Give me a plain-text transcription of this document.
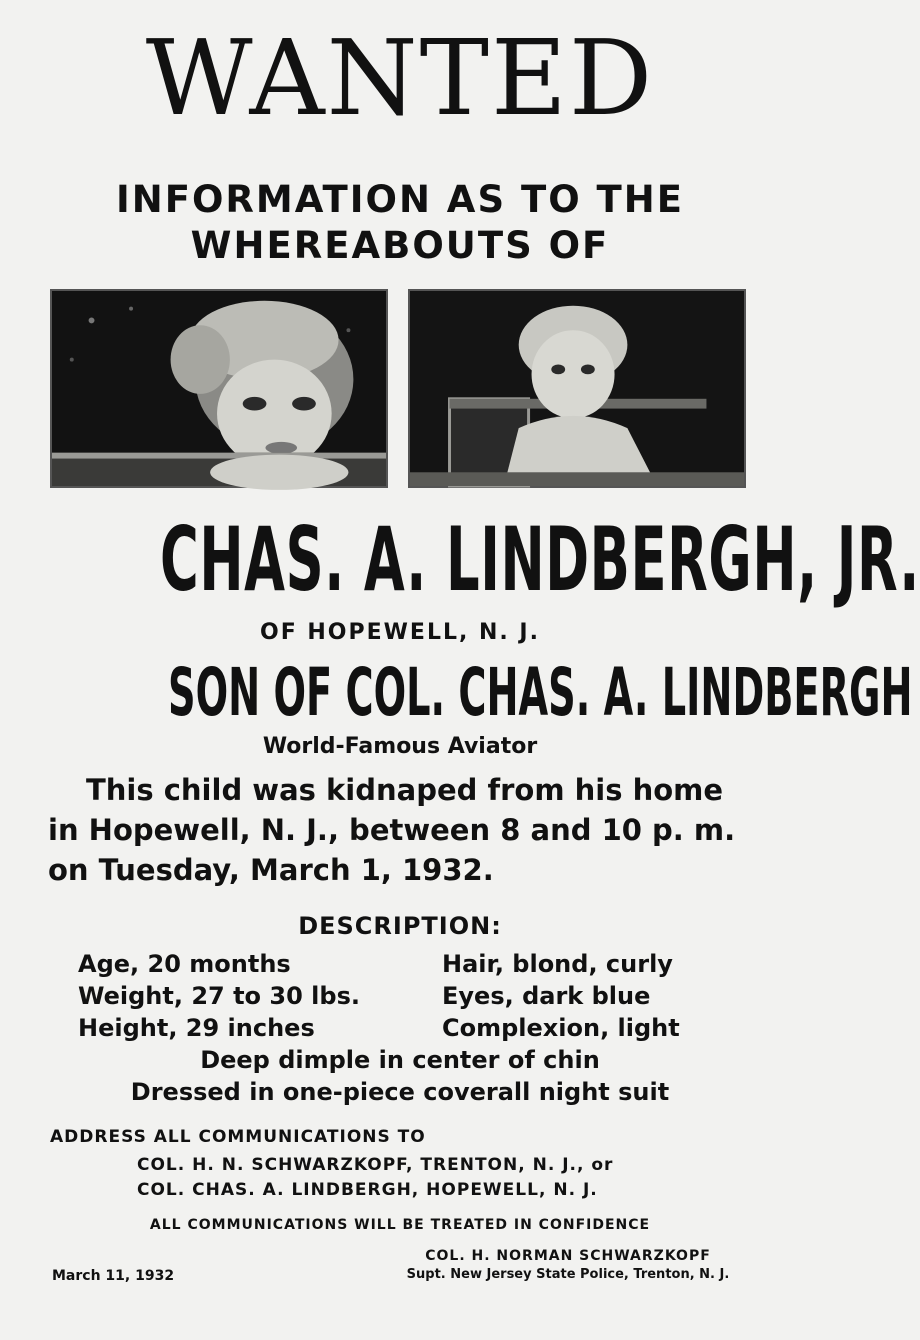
WANTED
INFORMATION AS TO THE
WHEREABOUTS OF
CHAS. A. LINDBERGH, JR.
OF HOPEWELL, N. J.
SON OF COL. CHAS. A. LINDBERGH
World-Famous Aviator
This child was kidnaped from his home
in Hopewell, N. J., between 8 and 10 p. m.
on Tuesday, March 1, 1932.
DESCRIPTION:
Age, 20 months
Weight, 27 to 30 lbs.
Height, 29 inches
Hair, blond, curly
Eyes, dark blue
Complexion, light
Deep dimple in center of chin
Dressed in one-piece coverall night suit
ADDRESS ALL COMMUNICATIONS TO
COL. H. N. SCHWARZKOPF, TRENTON, N. J., or
COL. CHAS. A. LINDBERGH, HOPEWELL, N. J.
ALL COMMUNICATIONS WILL BE TREATED IN CONFIDENCE
COL. H. NORMAN SCHWARZKOPF
Supt. New Jersey State Police, Trenton, N. J.
March 11, 1932
